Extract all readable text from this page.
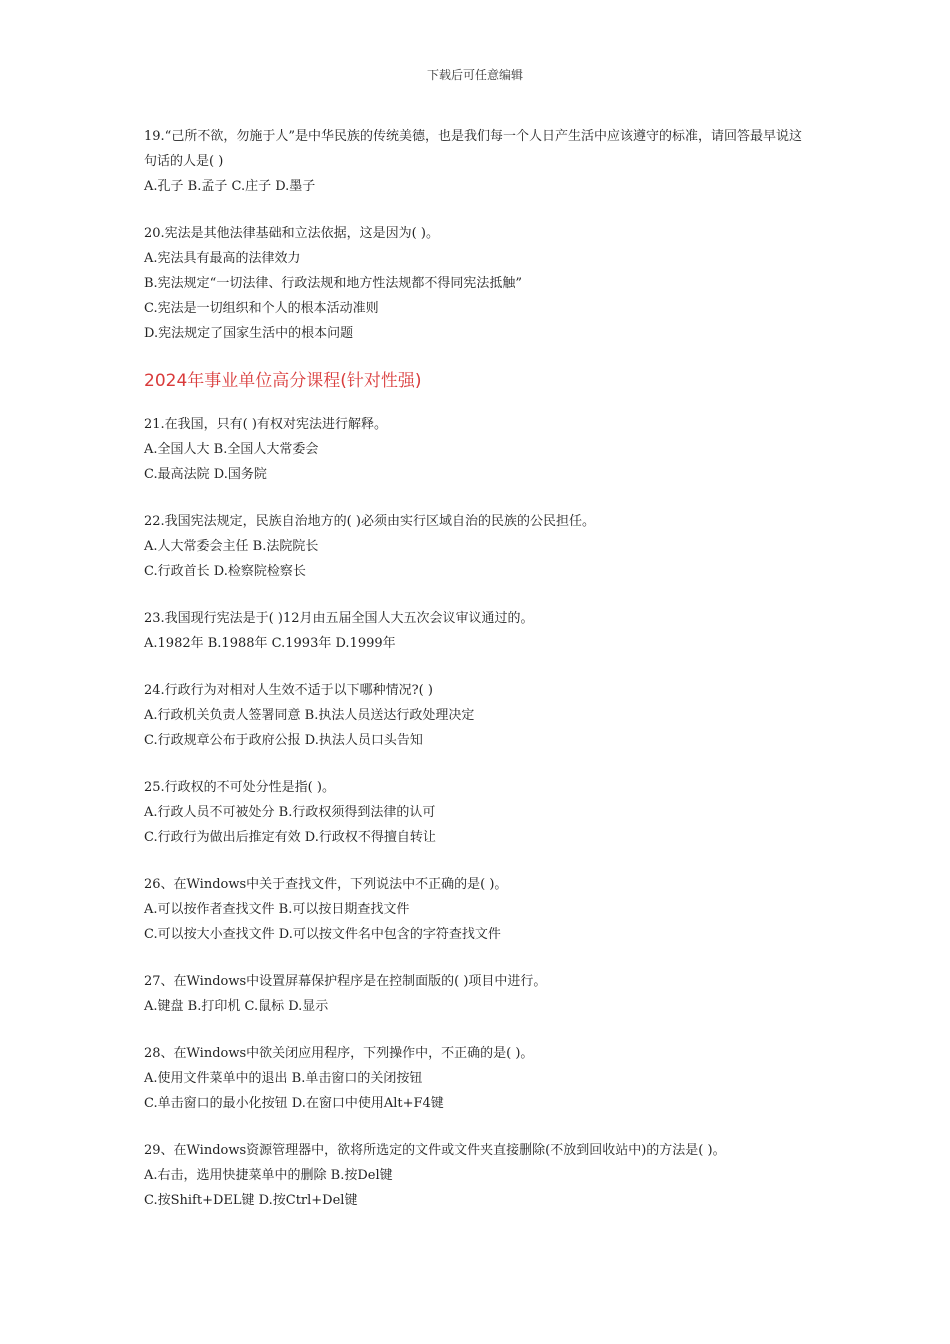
下载后可任意编辑

19.“己所不欲，勿施于人”是中华民族的传统美德，也是我们每一个人日产生活中应该遵守的标准，请回答最早说这句话的人是( )

A.孔子 B.孟子 C.庄子 D.墨子

20.宪法是其他法律基础和立法依据，这是因为( )。

A.宪法具有最高的法律效力

B.宪法规定“一切法律、行政法规和地方性法规都不得同宪法抵触”

C.宪法是一切组织和个人的根本活动准则

D.宪法规定了国家生活中的根本问题

2024年事业单位高分课程(针对性强)

21.在我国，只有( )有权对宪法进行解释。

A.全国人大 B.全国人大常委会

C.最高法院 D.国务院

22.我国宪法规定，民族自治地方的( )必须由实行区域自治的民族的公民担任。

A.人大常委会主任 B.法院院长

C.行政首长 D.检察院检察长

23.我国现行宪法是于( )12月由五届全国人大五次会议审议通过的。

A.1982年 B.1988年 C.1993年 D.1999年

24.行政行为对相对人生效不适于以下哪种情况?( )

A.行政机关负责人签署同意 B.执法人员送达行政处理决定

C.行政规章公布于政府公报 D.执法人员口头告知

25.行政权的不可处分性是指( )。

A.行政人员不可被处分 B.行政权须得到法律的认可

C.行政行为做出后推定有效 D.行政权不得擅自转让

26、在Windows中关于查找文件，下列说法中不正确的是( )。

A.可以按作者查找文件 B.可以按日期查找文件

C.可以按大小查找文件 D.可以按文件名中包含的字符查找文件

27、在Windows中设置屏幕保护程序是在控制面版的( )项目中进行。

A.键盘 B.打印机 C.鼠标 D.显示

28、在Windows中欲关闭应用程序，下列操作中，不正确的是( )。

A.使用文件菜单中的退出 B.单击窗口的关闭按钮

C.单击窗口的最小化按钮 D.在窗口中使用Alt+F4键

29、在Windows资源管理器中，欲将所选定的文件或文件夹直接删除(不放到回收站中)的方法是( )。

A.右击，选用快捷菜单中的删除 B.按Del键

C.按Shift+DEL键 D.按Ctrl+Del键
